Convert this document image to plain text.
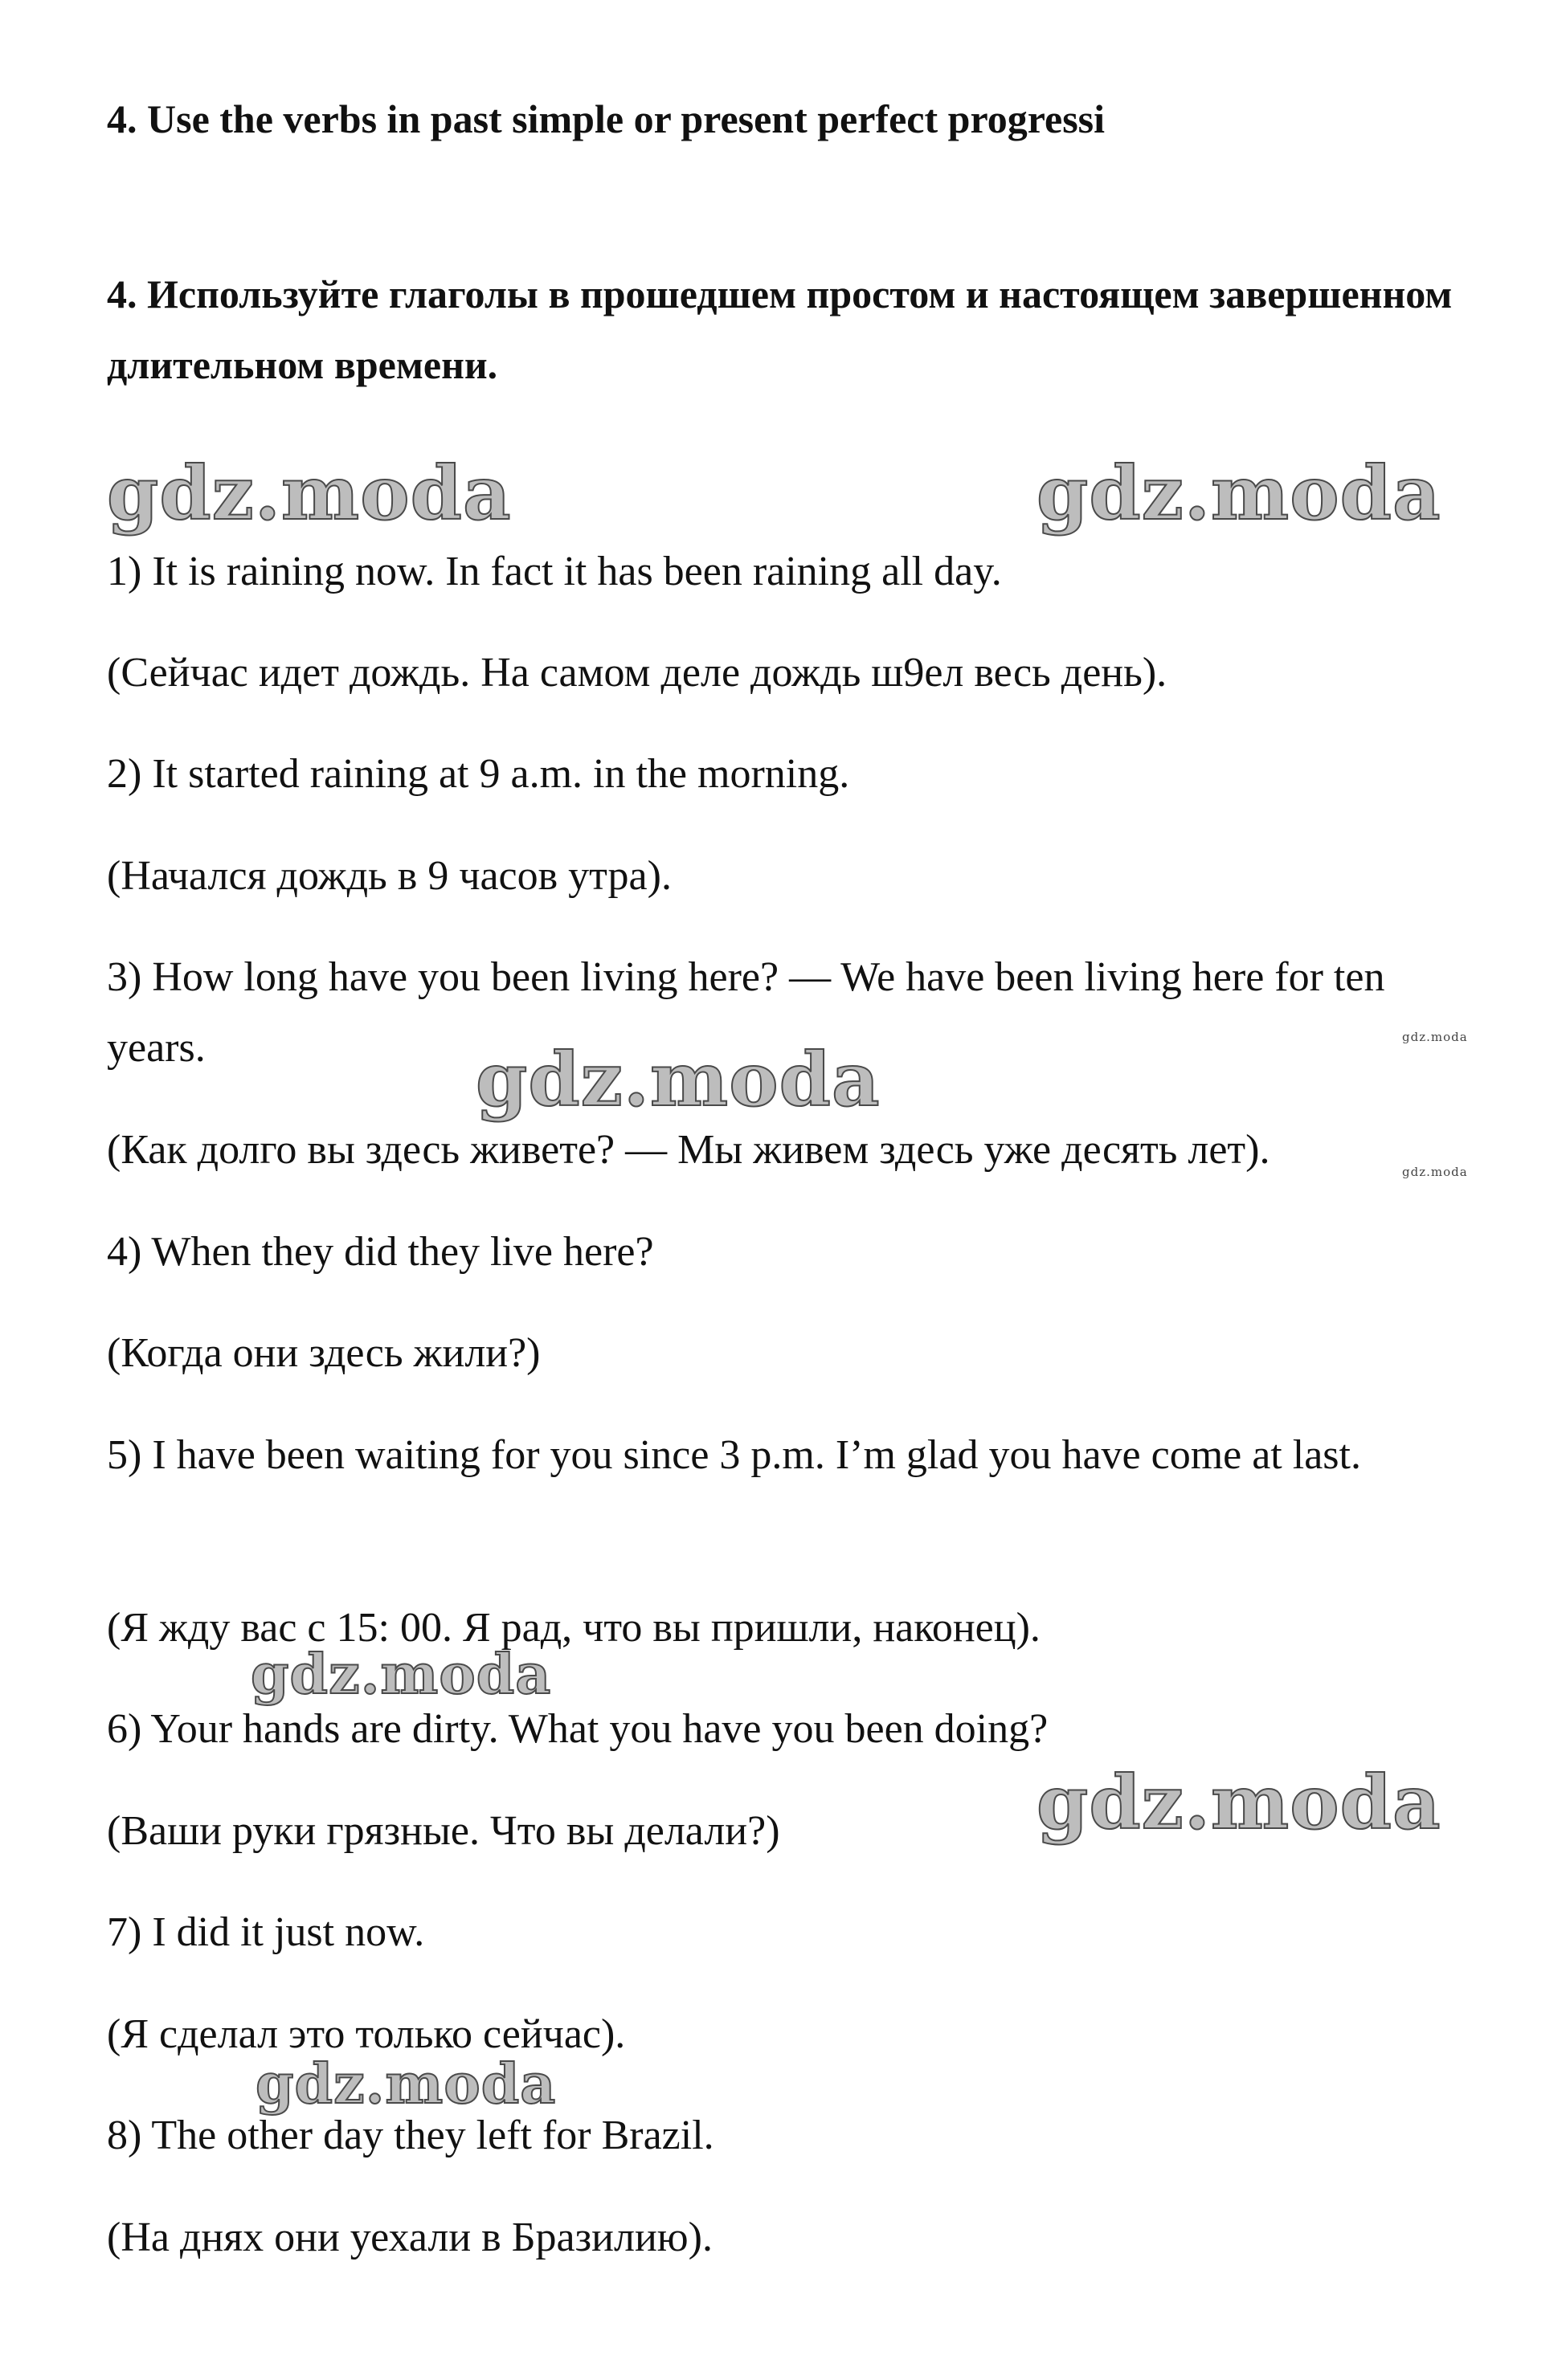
4. Use the verbs in past simple or present perfect progressi

4. Используйте глаголы в прошедшем простом и настоящем завершенном длительном времени.

1) It is raining now. In fact it has been raining all day.

(Сейчас идет дождь. На самом деле дождь ш9ел весь день).

2) It started raining at 9 a.m. in the morning.

(Начался дождь в 9 часов утра).

3) How long have you been living here? — We have been living here for ten years.

(Как долго вы здесь живете? — Мы живем здесь уже десять лет).

4) When they did they live here?

(Когда они здесь жили?)

5) I have been waiting for you since 3 p.m. I’m glad you have come at last.

(Я жду вас с 15: 00. Я рад, что вы пришли, наконец).

6) Your hands are dirty. What you have you been doing?

(Ваши руки грязные. Что вы делали?)

7) I did it just now.

(Я сделал это только сейчас).

8) The other day they left for Brazil.

(На днях они уехали в Бразилию).

gdz.moda	gdz.moda
gdz.moda	gdz.moda
gdz.moda
gdz.moda
gdz.moda
gdz.moda
